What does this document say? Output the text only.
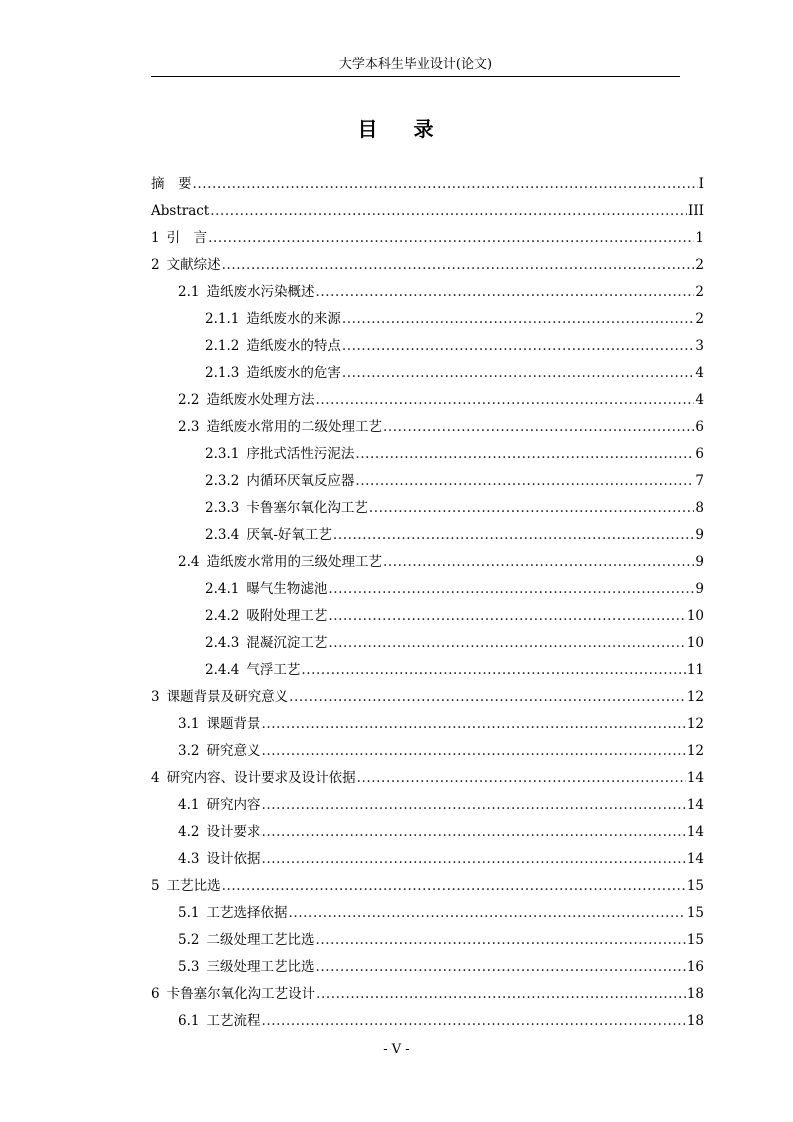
大学本科生毕业设计(论文)
目 录
摘　要 .....	I
Abstract .....	III
1 引　言 .....	1
2 文献综述 .....	2
2.1 造纸废水污染概述 .....	2
2.1.1 造纸废水的来源 .....	2
2.1.2 造纸废水的特点 .....	3
2.1.3 造纸废水的危害 .....	4
2.2 造纸废水处理方法 .....	4
2.3 造纸废水常用的二级处理工艺 .....	6
2.3.1 序批式活性污泥法 .....	6
2.3.2 内循环厌氧反应器 .....	7
2.3.3 卡鲁塞尔氧化沟工艺 .....	8
2.3.4 厌氧-好氧工艺 .....	9
2.4 造纸废水常用的三级处理工艺 .....	9
2.4.1 曝气生物滤池 .....	9
2.4.2 吸附处理工艺 .....	10
2.4.3 混凝沉淀工艺 .....	10
2.4.4 气浮工艺 .....	11
3 课题背景及研究意义 .....	12
3.1 课题背景 .....	12
3.2 研究意义 .....	12
4 研究内容、设计要求及设计依据 .....	14
4.1 研究内容 .....	14
4.2 设计要求 .....	14
4.3 设计依据 .....	14
5 工艺比选 .....	15
5.1 工艺选择依据 .....	15
5.2 二级处理工艺比选 .....	15
5.3 三级处理工艺比选 .....	16
6 卡鲁塞尔氧化沟工艺设计 .....	18
6.1 工艺流程 .....	18
- V -
